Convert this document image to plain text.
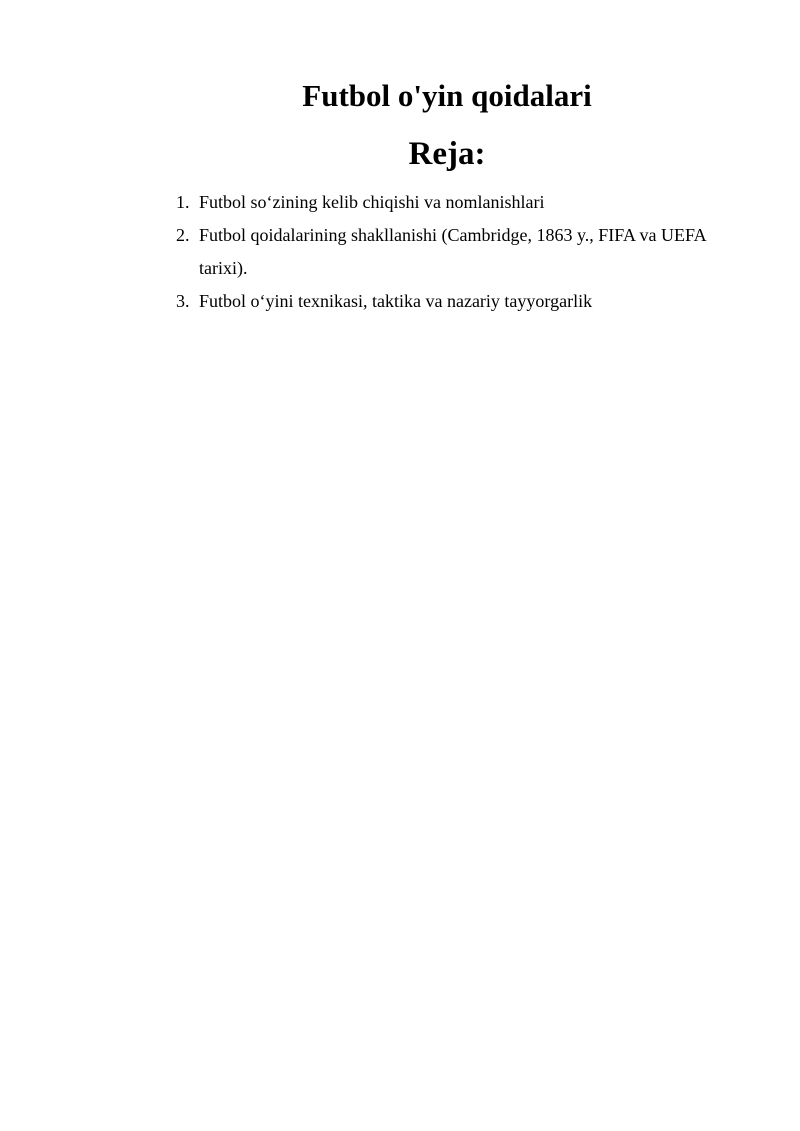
Futbol o'yin qoidalari
Reja:
1. Futbol so‘zining kelib chiqishi va nomlanishlari
2. Futbol qoidalarining shakllanishi (Cambridge, 1863 y., FIFA va UEFA tarixi).
3. Futbol o‘yini texnikasi, taktika va nazariy tayyorgarlik
